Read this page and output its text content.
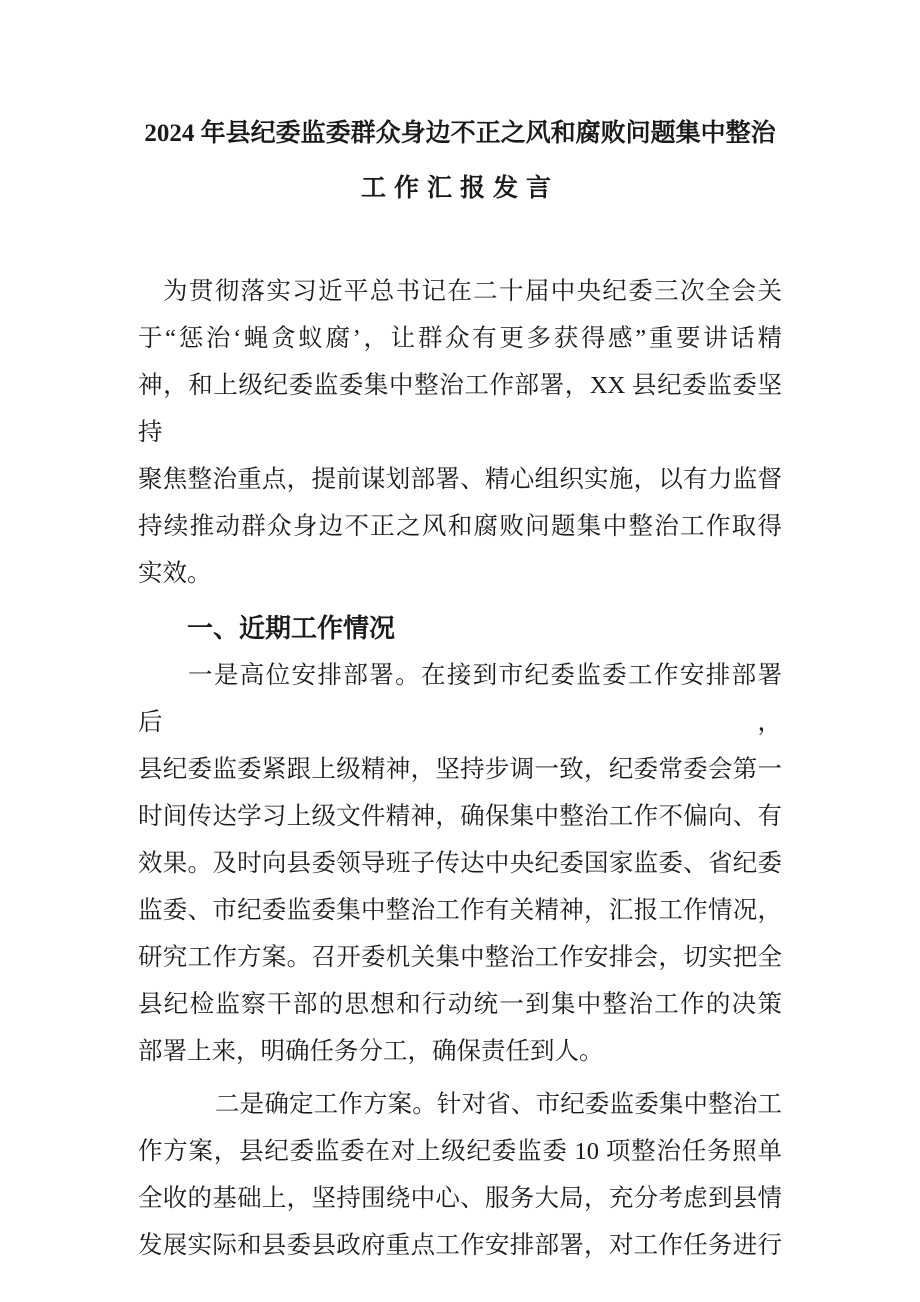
2024 年县纪委监委群众身边不正之风和腐败问题集中整治
工作汇报发言
为贯彻落实习近平总书记在二十届中央纪委三次全会关
于“惩治‘蝇贪蚁腐’，让群众有更多获得感”重要讲话精
神，和上级纪委监委集中整治工作部署，XX 县纪委监委坚持
聚焦整治重点，提前谋划部署、精心组织实施，以有力监督
持续推动群众身边不正之风和腐败问题集中整治工作取得
实效。
一、近期工作情况
一是高位安排部署。在接到市纪委监委工作安排部署后，
县纪委监委紧跟上级精神，坚持步调一致，纪委常委会第一
时间传达学习上级文件精神，确保集中整治工作不偏向、有
效果。及时向县委领导班子传达中央纪委国家监委、省纪委
监委、市纪委监委集中整治工作有关精神，汇报工作情况，
研究工作方案。召开委机关集中整治工作安排会，切实把全
县纪检监察干部的思想和行动统一到集中整治工作的决策
部署上来，明确任务分工，确保责任到人。
二是确定工作方案。针对省、市纪委监委集中整治工
作方案，县纪委监委在对上级纪委监委 10 项整治任务照单
全收的基础上，坚持围绕中心、服务大局，充分考虑到县情
发展实际和县委县政府重点工作安排部署，对工作任务进行
